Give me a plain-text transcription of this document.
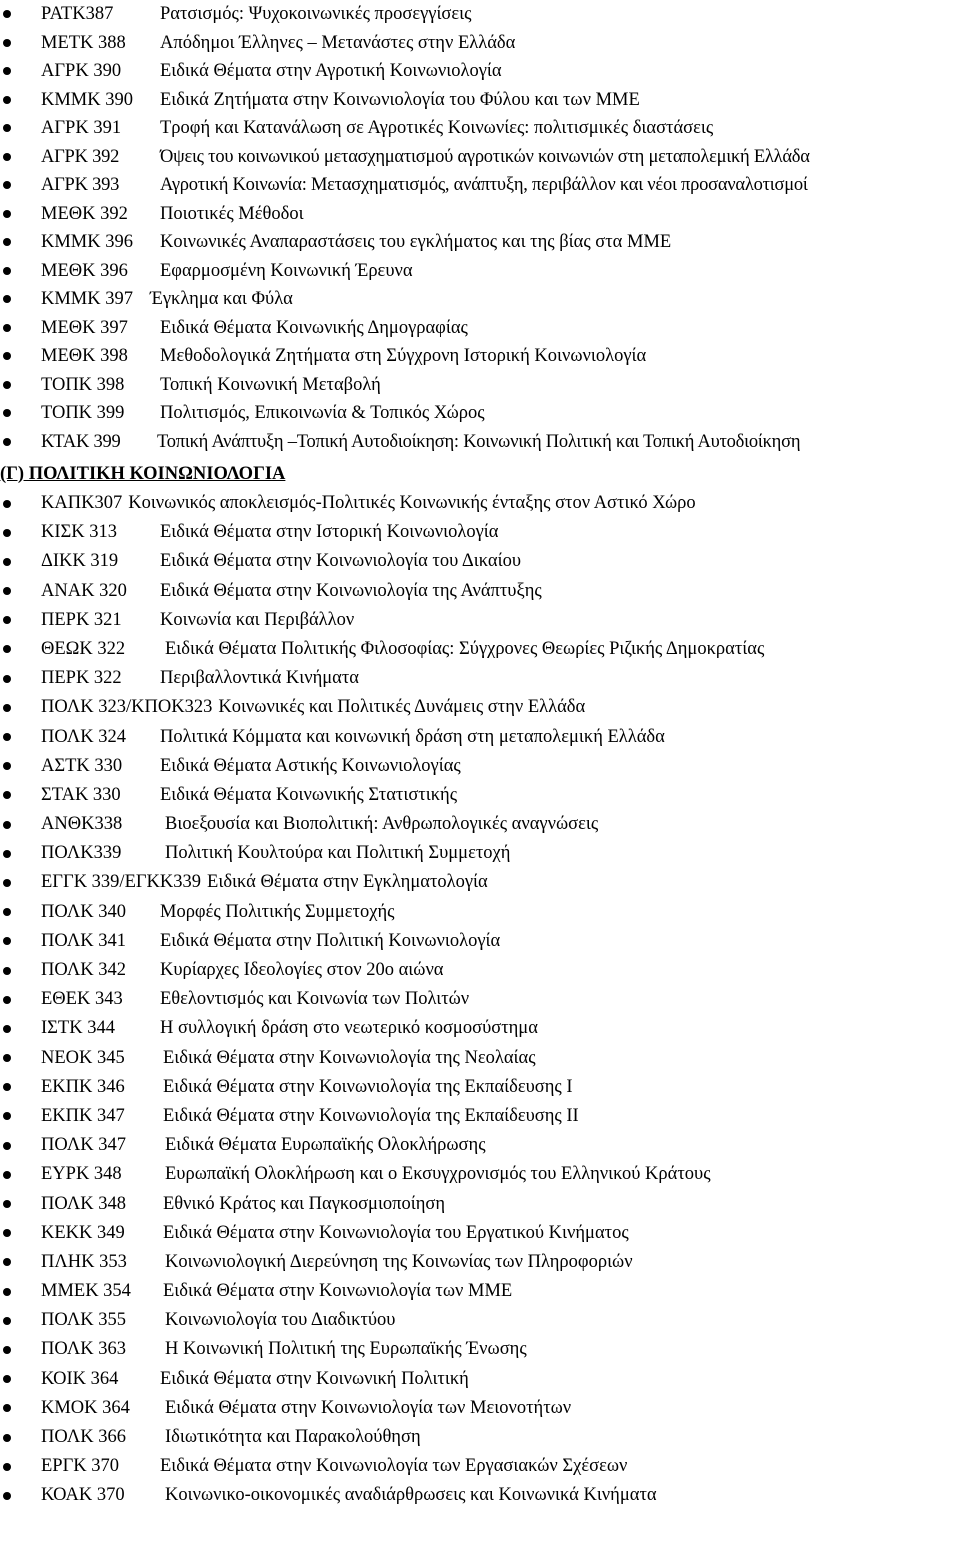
ΡΑΤΚ387	Ρατσισμός: Ψυχοκοινωνικές προσεγγίσεις
ΜΕΤΚ 388 Απόδημοι Έλληνες – Μετανάστες στην Ελλάδα
ΑΓΡΚ 390 Ειδικά Θέματα στην Αγροτική Κοινωνιολογία
ΚΜΜΚ 390 Ειδικά Ζητήματα στην Κοινωνιολογία του Φύλου και των ΜΜΕ
ΑΓΡΚ 391 Τροφή και Κατανάλωση σε Αγροτικές Κοινωνίες: πολιτισμικές διαστάσεις
ΑΓΡΚ 392 Όψεις του κοινωνικού μετασχηματισμού αγροτικών κοινωνιών στη μεταπολεμική Ελλάδα
ΑΓΡΚ 393 Αγροτική Κοινωνία: Μετασχηματισμός, ανάπτυξη, περιβάλλον και νέοι προσαναλοτισμοί
ΜΕΘΚ 392 Ποιοτικές Μέθοδοι
ΚΜΜΚ 396 Κοινωνικές Αναπαραστάσεις του εγκλήματος και της βίας στα ΜΜΕ
ΜΕΘΚ 396 Εφαρμοσμένη Κοινωνική Έρευνα
ΚΜΜΚ 397 Έγκλημα και Φύλα
ΜΕΘΚ 397 Ειδικά Θέματα Κοινωνικής Δημογραφίας
ΜΕΘΚ 398 Μεθοδολογικά Ζητήματα στη Σύγχρονη Ιστορική Κοινωνιολογία
ΤΟΠΚ 398 Τοπική Κοινωνική Μεταβολή
ΤΟΠΚ 399 Πολιτισμός, Επικοινωνία & Τοπικός Χώρος
ΚΤΑΚ 399 Τοπική Ανάπτυξη –Τοπική Αυτοδιοίκηση: Κοινωνική Πολιτική και Τοπική Αυτοδιοίκηση
(Γ) ΠΟΛΙΤΙΚΗ ΚΟΙΝΩΝΙΟΛΟΓΙΑ
ΚΑΠΚ307 Κοινωνικός αποκλεισμός-Πολιτικές Κοινωνικής ένταξης στον Αστικό Χώρο
ΚΙΣΚ 313 Ειδικά Θέματα στην Ιστορική Κοινωνιολογία
ΔΙΚΚ 319 Ειδικά Θέματα στην Κοινωνιολογία του Δικαίου
ΑΝΑΚ 320 Ειδικά Θέματα στην Κοινωνιολογία της Ανάπτυξης
ΠΕΡΚ 321 Κοινωνία και Περιβάλλον
ΘΕΩΚ 322 Ειδικά Θέματα Πολιτικής Φιλοσοφίας: Σύγχρονες Θεωρίες Ριζικής Δημοκρατίας
ΠΕΡΚ 322 Περιβαλλοντικά Κινήματα
ΠΟΛΚ 323/ΚΠΟΚ323 Κοινωνικές και Πολιτικές Δυνάμεις στην Ελλάδα
ΠΟΛΚ 324 Πολιτικά Κόμματα και κοινωνική δράση στη μεταπολεμική Ελλάδα
ΑΣΤΚ 330 Ειδικά Θέματα Αστικής Κοινωνιολογίας
ΣΤΑΚ 330 Ειδικά Θέματα Κοινωνικής Στατιστικής
ΑΝΘΚ338 Βιοεξουσία και Βιοπολιτική: Ανθρωπολογικές αναγνώσεις
ΠΟΛΚ339 Πολιτική Κουλτούρα και Πολιτική Συμμετοχή
ΕΓΓΚ 339/ΕΓΚΚ339 Ειδικά Θέματα στην Εγκληματολογία
ΠΟΛΚ 340 Μορφές Πολιτικής Συμμετοχής
ΠΟΛΚ 341 Ειδικά Θέματα στην Πολιτική Κοινωνιολογία
ΠΟΛΚ 342 Κυρίαρχες Ιδεολογίες στον 20ο αιώνα
ΕΘΕΚ 343 Εθελοντισμός και Κοινωνία των Πολιτών
ΙΣΤΚ 344 Η συλλογική δράση στο νεωτερικό κοσμοσύστημα
ΝΕΟΚ 345 Ειδικά Θέματα στην Κοινωνιολογία της Νεολαίας
ΕΚΠΚ 346 Ειδικά Θέματα στην Κοινωνιολογία της Εκπαίδευσης Ι
ΕΚΠΚ 347 Ειδικά Θέματα στην Κοινωνιολογία της Εκπαίδευσης ΙΙ
ΠΟΛΚ 347 Ειδικά Θέματα Ευρωπαϊκής Ολοκλήρωσης
ΕΥΡΚ 348 Ευρωπαϊκή Ολοκλήρωση και ο Εκσυγχρονισμός του Ελληνικού Κράτους
ΠΟΛΚ 348 Εθνικό Κράτος και Παγκοσμιοποίηση
ΚΕΚΚ 349 Ειδικά Θέματα στην Κοινωνιολογία του Εργατικού Κινήματος
ΠΛΗΚ 353 Κοινωνιολογική Διερεύνηση της Κοινωνίας των Πληροφοριών
ΜΜΕΚ 354 Ειδικά Θέματα στην Κοινωνιολογία των ΜΜΕ
ΠΟΛΚ 355 Κοινωνιολογία του Διαδικτύου
ΠΟΛΚ 363 Η Κοινωνική Πολιτική της Ευρωπαϊκής Ένωσης
ΚΟΙΚ 364 Ειδικά Θέματα στην Κοινωνική Πολιτική
ΚΜΟΚ 364 Ειδικά Θέματα στην Κοινωνιολογία των Μειονοτήτων
ΠΟΛΚ 366 Ιδιωτικότητα και Παρακολούθηση
ΕΡΓΚ 370 Ειδικά Θέματα στην Κοινωνιολογία των Εργασιακών Σχέσεων
ΚΟΑΚ 370 Κοινωνικο-οικονομικές αναδιάρθρωσεις και Κοινωνικά Κινήματα
